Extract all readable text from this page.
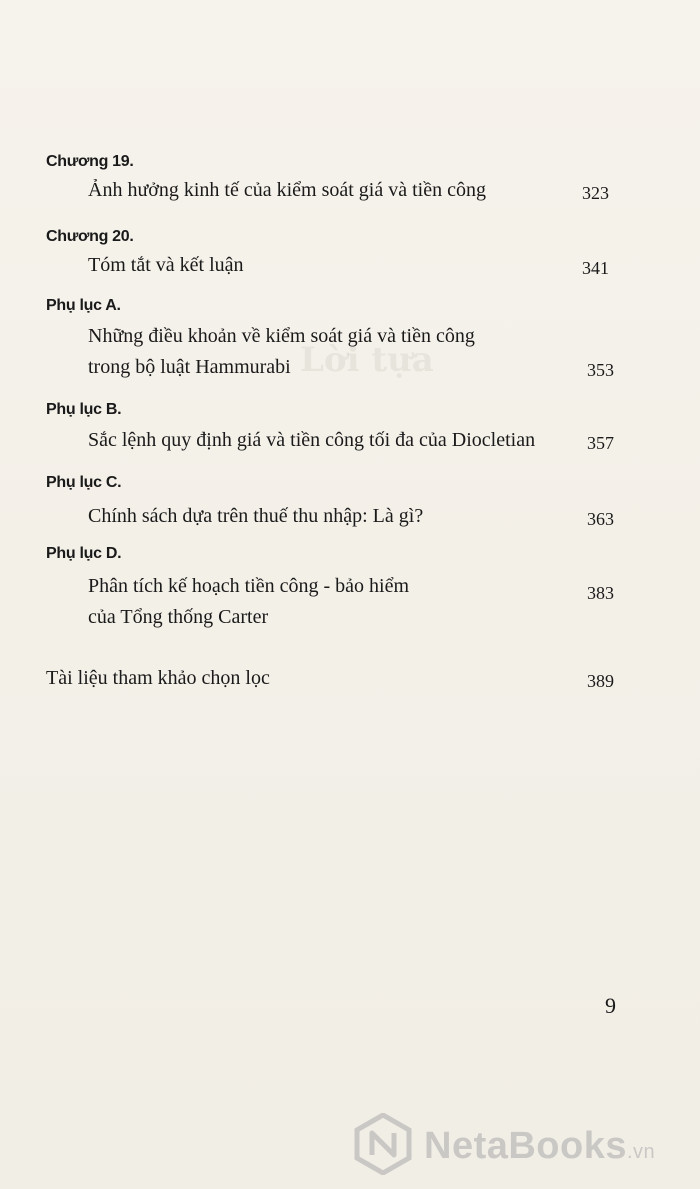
Lời tựa
Chương 19.
Ảnh hưởng kinh tế của kiểm soát giá và tiền công	323
Chương 20.
Tóm tắt và kết luận	341
Phụ lục A.
Những điều khoản về kiểm soát giá và tiền công
trong bộ luật Hammurabi	353
Phụ lục B.
Sắc lệnh quy định giá và tiền công tối đa của Diocletian	357
Phụ lục C.
Chính sách dựa trên thuế thu nhập: Là gì?	363
Phụ lục D.
Phân tích kế hoạch tiền công - bảo hiểm
của Tổng thống Carter
383
Tài liệu tham khảo chọn lọc	389
9
NetaBooks.vn
